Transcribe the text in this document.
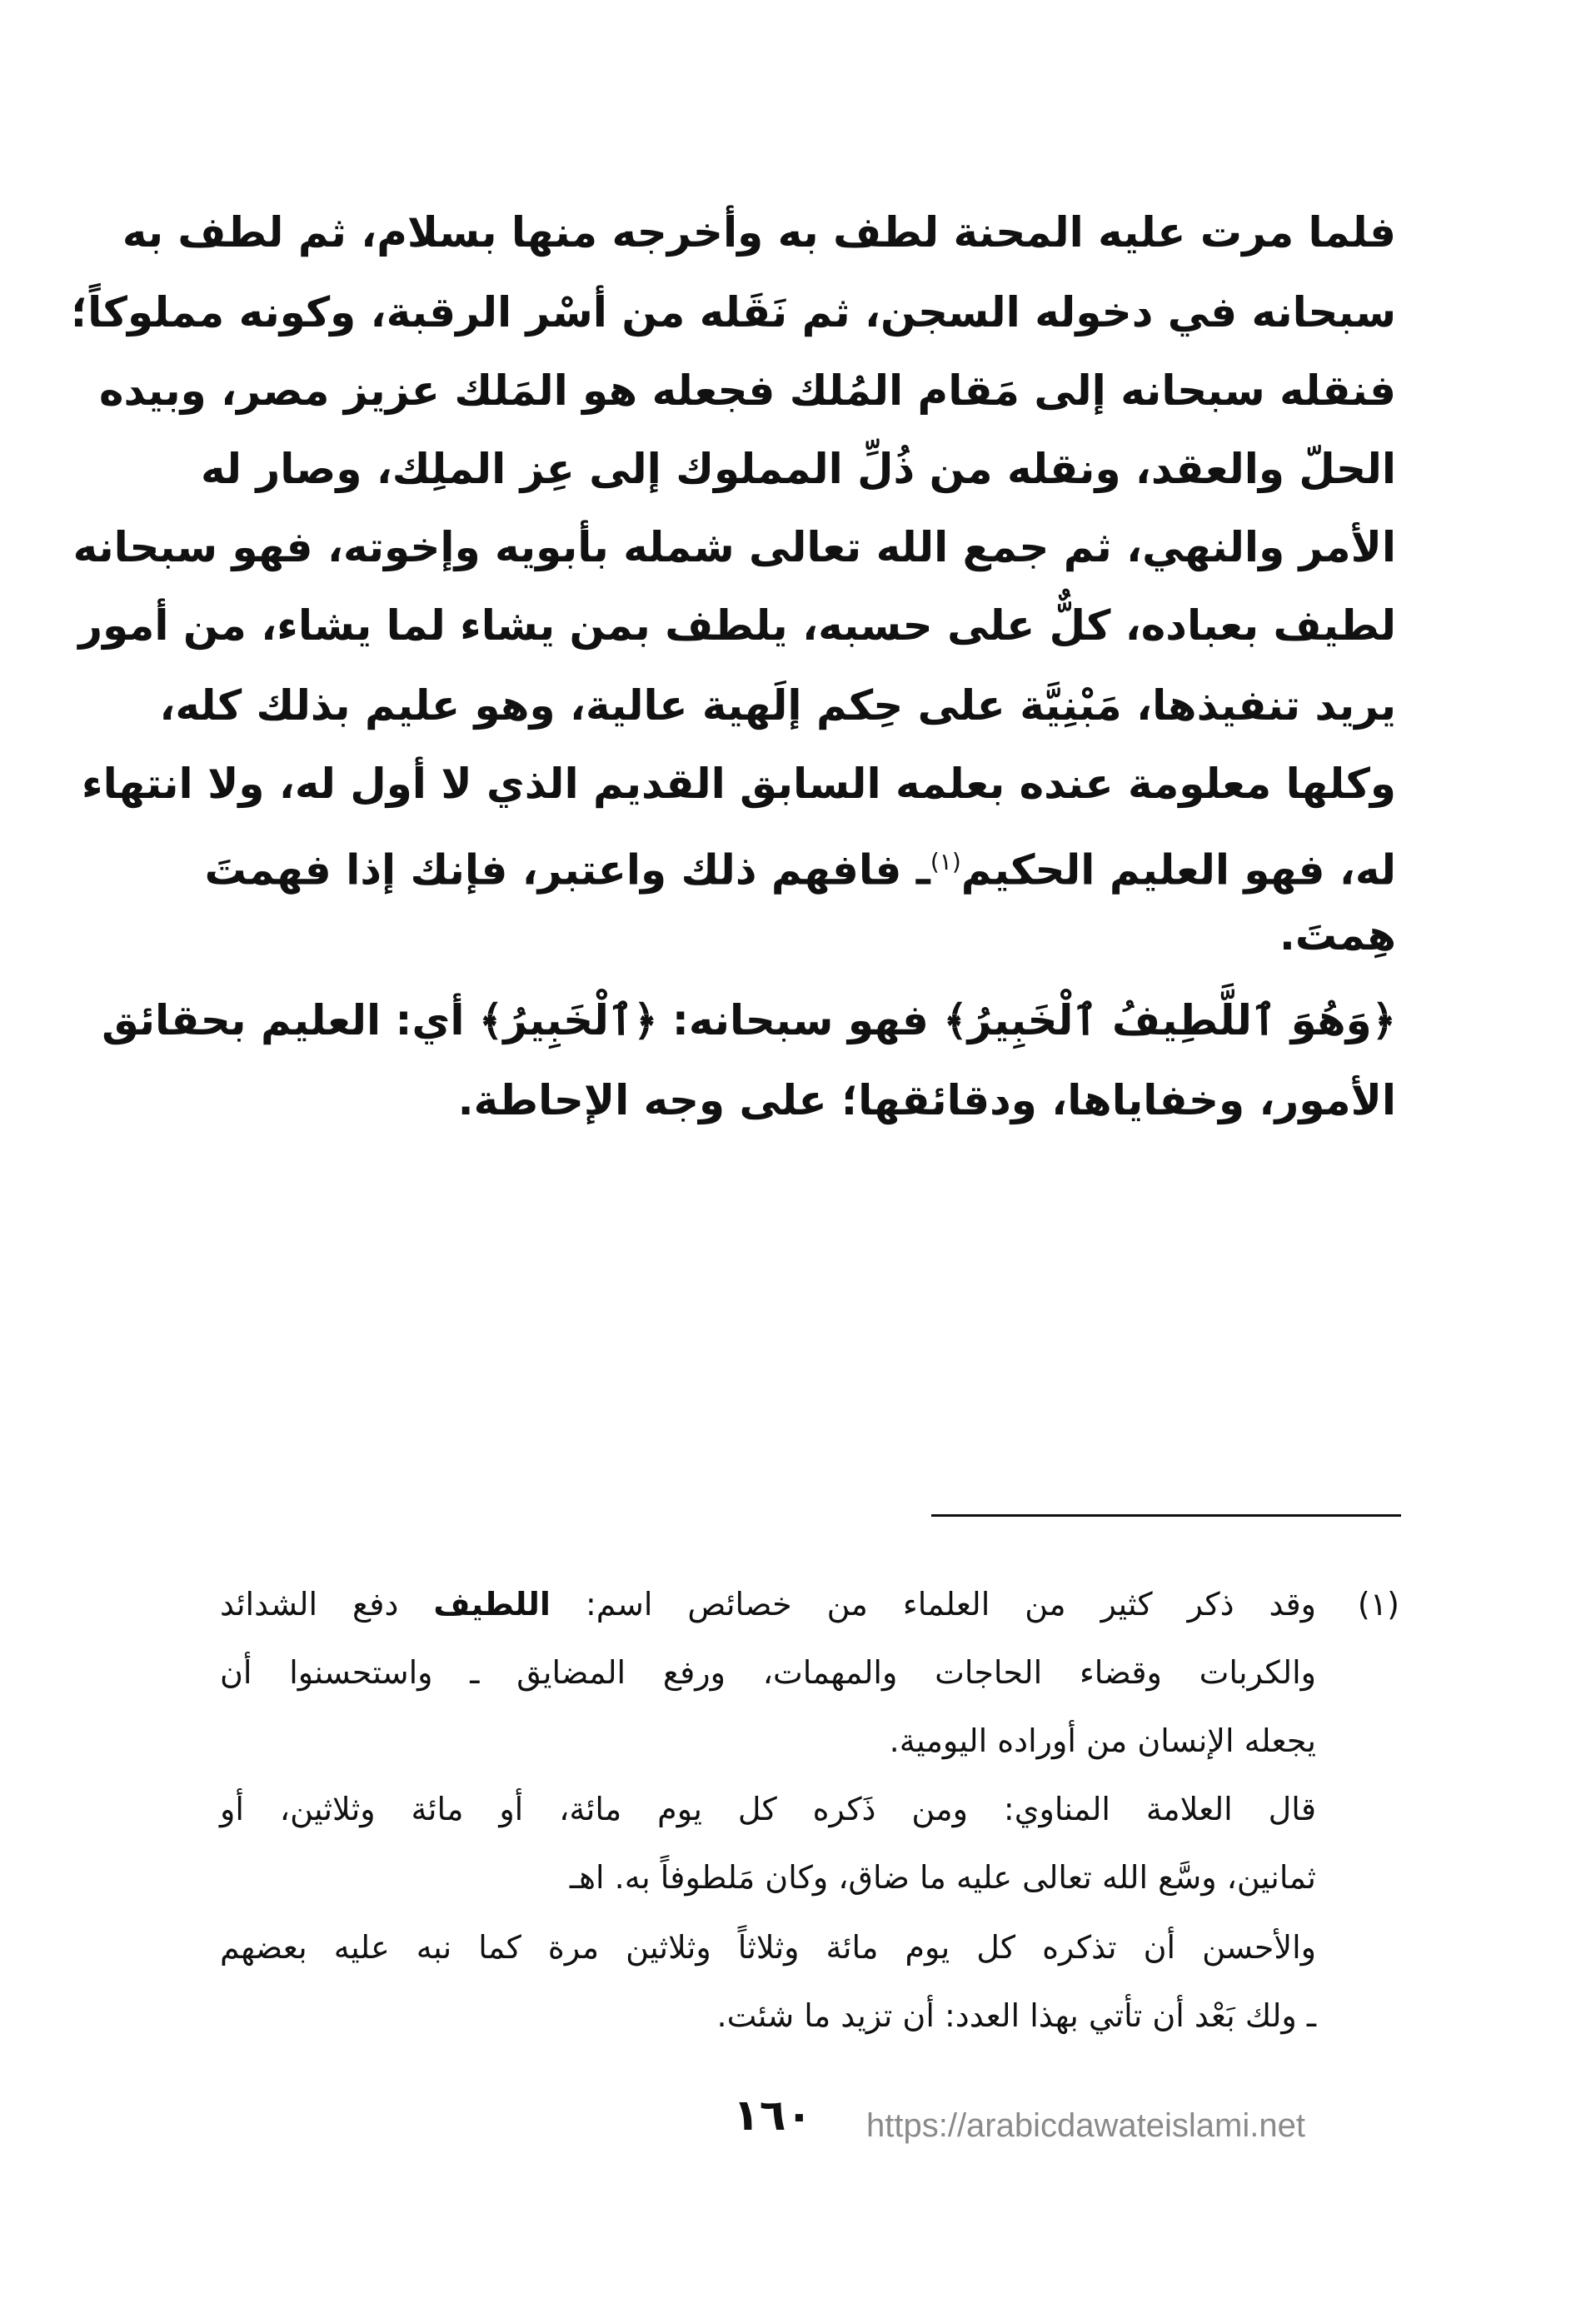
فلما مرت عليه المحنة لطف به وأخرجه منها بسلام، ثم لطف به
سبحانه في دخوله السجن، ثم نَقَله من أسْر الرقبة، وكونه مملوكاً؛
فنقله سبحانه إلى مَقام المُلك فجعله هو المَلك عزيز مصر، وبيده
الحلّ والعقد، ونقله من ذُلِّ المملوك إلى عِز الملِك، وصار له
الأمر والنهي، ثم جمع الله تعالى شمله بأبويه وإخوته، فهو سبحانه
لطيف بعباده، كلٌّ على حسبه، يلطف بمن يشاء لما يشاء، من أمور
يريد تنفيذها، مَبْنِيَّة على حِكم إلَهية عالية، وهو عليم بذلك كله،
وكلها معلومة عنده بعلمه السابق القديم الذي لا أول له، ولا انتهاء
له، فهو العليم الحكيم$^{(١)}$ـ فافهم ذلك واعتبر، فإنك إذا فهمتَ
هِمتَ.
﴿وَهُوَ ٱللَّطِيفُ ٱلْخَبِيرُ﴾ فهو سبحانه: ﴿ٱلْخَبِيرُ﴾ أي: العليم بحقائق
الأمور، وخفاياها، ودقائقها؛ على وجه الإحاطة.
(١)
وقد ذكر كثير من العلماء من خصائص اسم: اللطيف دفع الشدائد
والكربات وقضاء الحاجات والمهمات، ورفع المضايق ـ واستحسنوا أن
يجعله الإنسان من أوراده اليومية.
قال العلامة المناوي: ومن ذَكره كل يوم مائة، أو مائة وثلاثين، أو
ثمانين، وسَّع الله تعالى عليه ما ضاق، وكان مَلطوفاً به. اهـ
والأحسن أن تذكره كل يوم مائة وثلاثاً وثلاثين مرة كما نبه عليه بعضهم
ـ ولك بَعْد أن تأتي بهذا العدد: أن تزيد ما شئت.
١٦٠ https://arabicdawateislami.net
